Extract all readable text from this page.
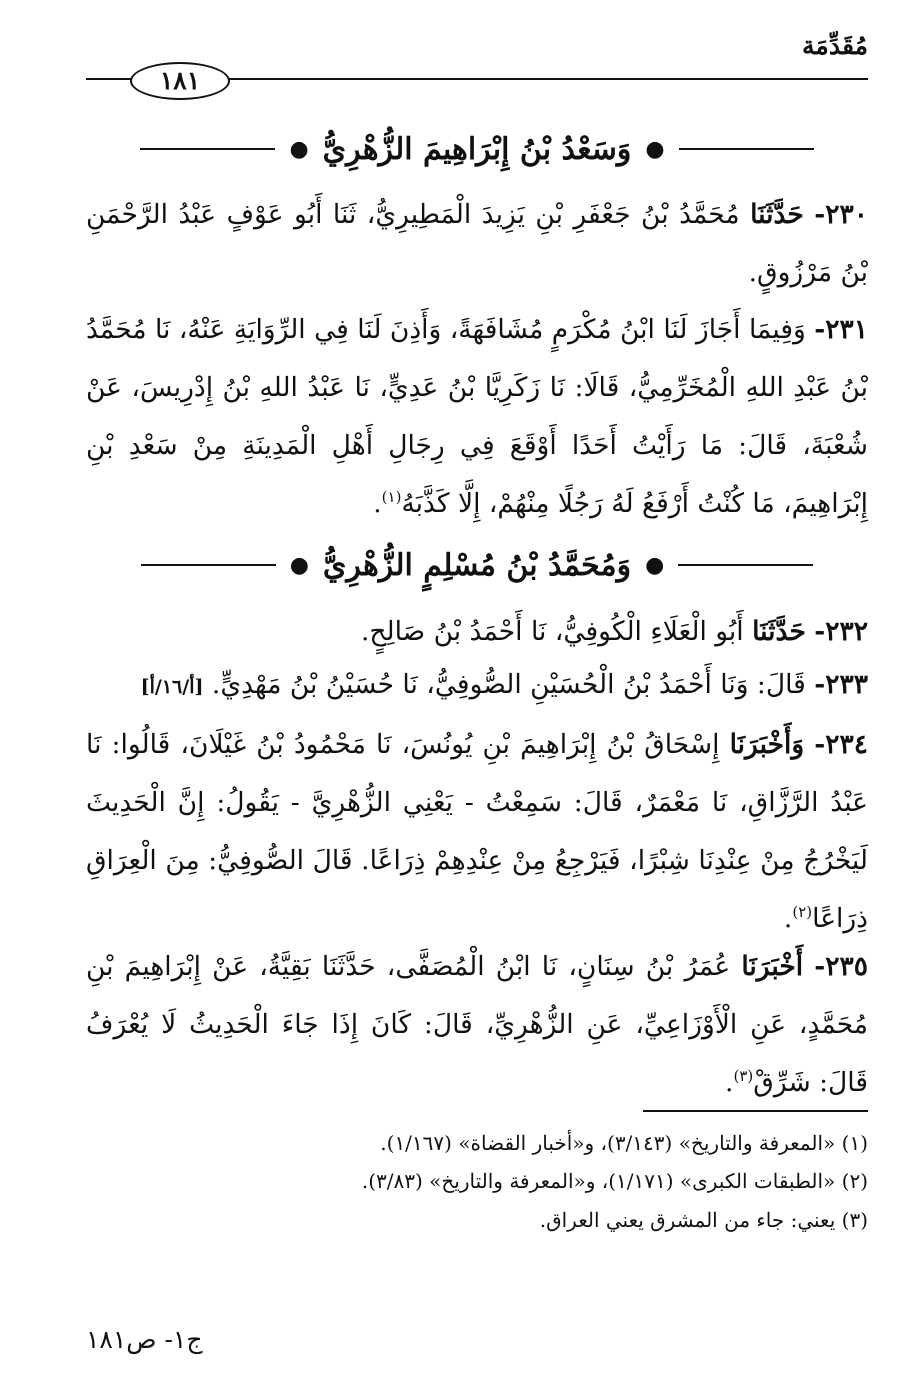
مُقَدِّمَة
١٨١
●
وَسَعْدُ بْنُ إِبْرَاهِيمَ الزُّهْرِيُّ
●
٢٣٠- حَدَّثَنَا مُحَمَّدُ بْنُ جَعْفَرِ بْنِ يَزِيدَ الْمَطِيرِيُّ، ثَنَا أَبُو عَوْفٍ عَبْدُ الرَّحْمَنِ بْنُ مَرْزُوقٍ.
٢٣١- وَفِيمَا أَجَازَ لَنَا ابْنُ مُكْرَمٍ مُشَافَهَةً، وَأَذِنَ لَنَا فِي الرِّوَايَةِ عَنْهُ، نَا مُحَمَّدُ بْنُ عَبْدِ اللهِ الْمُخَرِّمِيُّ، قَالَا: نَا زَكَرِيَّا بْنُ عَدِيٍّ، نَا عَبْدُ اللهِ بْنُ إِدْرِيسَ، عَنْ شُعْبَةَ، قَالَ: مَا رَأَيْتُ أَحَدًا أَوْقَعَ فِي رِجَالِ أَهْلِ الْمَدِينَةِ مِنْ سَعْدِ بْنِ إِبْرَاهِيمَ، مَا كُنْتُ أَرْفَعُ لَهُ رَجُلًا مِنْهُمْ، إِلَّا كَذَّبَهُ$^{(١)}$.
●
وَمُحَمَّدُ بْنُ مُسْلِمٍ الزُّهْرِيُّ
●
٢٣٢- حَدَّثَنَا أَبُو الْعَلَاءِ الْكُوفِيُّ، نَا أَحْمَدُ بْنُ صَالِحٍ.
٢٣٣- قَالَ: وَنَا أَحْمَدُ بْنُ الْحُسَيْنِ الصُّوفِيُّ، نَا حُسَيْنُ بْنُ مَهْدِيٍّ. [أ/١٦/أ]
٢٣٤- وَأَخْبَرَنَا إِسْحَاقُ بْنُ إِبْرَاهِيمَ بْنِ يُونُسَ، نَا مَحْمُودُ بْنُ غَيْلَانَ، قَالُوا: نَا عَبْدُ الرَّزَّاقِ، نَا مَعْمَرٌ، قَالَ: سَمِعْتُ - يَعْنِي الزُّهْرِيَّ - يَقُولُ: إِنَّ الْحَدِيثَ لَيَخْرُجُ مِنْ عِنْدِنَا شِبْرًا، فَيَرْجِعُ مِنْ عِنْدِهِمْ ذِرَاعًا. قَالَ الصُّوفِيُّ: مِنَ الْعِرَاقِ ذِرَاعًا$^{(٢)}$.
٢٣٥- أَخْبَرَنَا عُمَرُ بْنُ سِنَانٍ، نَا ابْنُ الْمُصَفَّى، حَدَّثَنَا بَقِيَّةُ، عَنْ إِبْرَاهِيمَ بْنِ مُحَمَّدٍ، عَنِ الْأَوْزَاعِيِّ، عَنِ الزُّهْرِيِّ، قَالَ: كَانَ إِذَا جَاءَ الْحَدِيثُ لَا يُعْرَفُ قَالَ: شَرِّقْ$^{(٣)}$.
(١) «المعرفة والتاريخ» (٣/١٤٣)، و«أخبار القضاة» (١/١٦٧).
(٢) «الطبقات الكبرى» (١/١٧١)، و«المعرفة والتاريخ» (٣/٨٣).
(٣) يعني: جاء من المشرق يعني العراق.
ج١- ص١٨١
